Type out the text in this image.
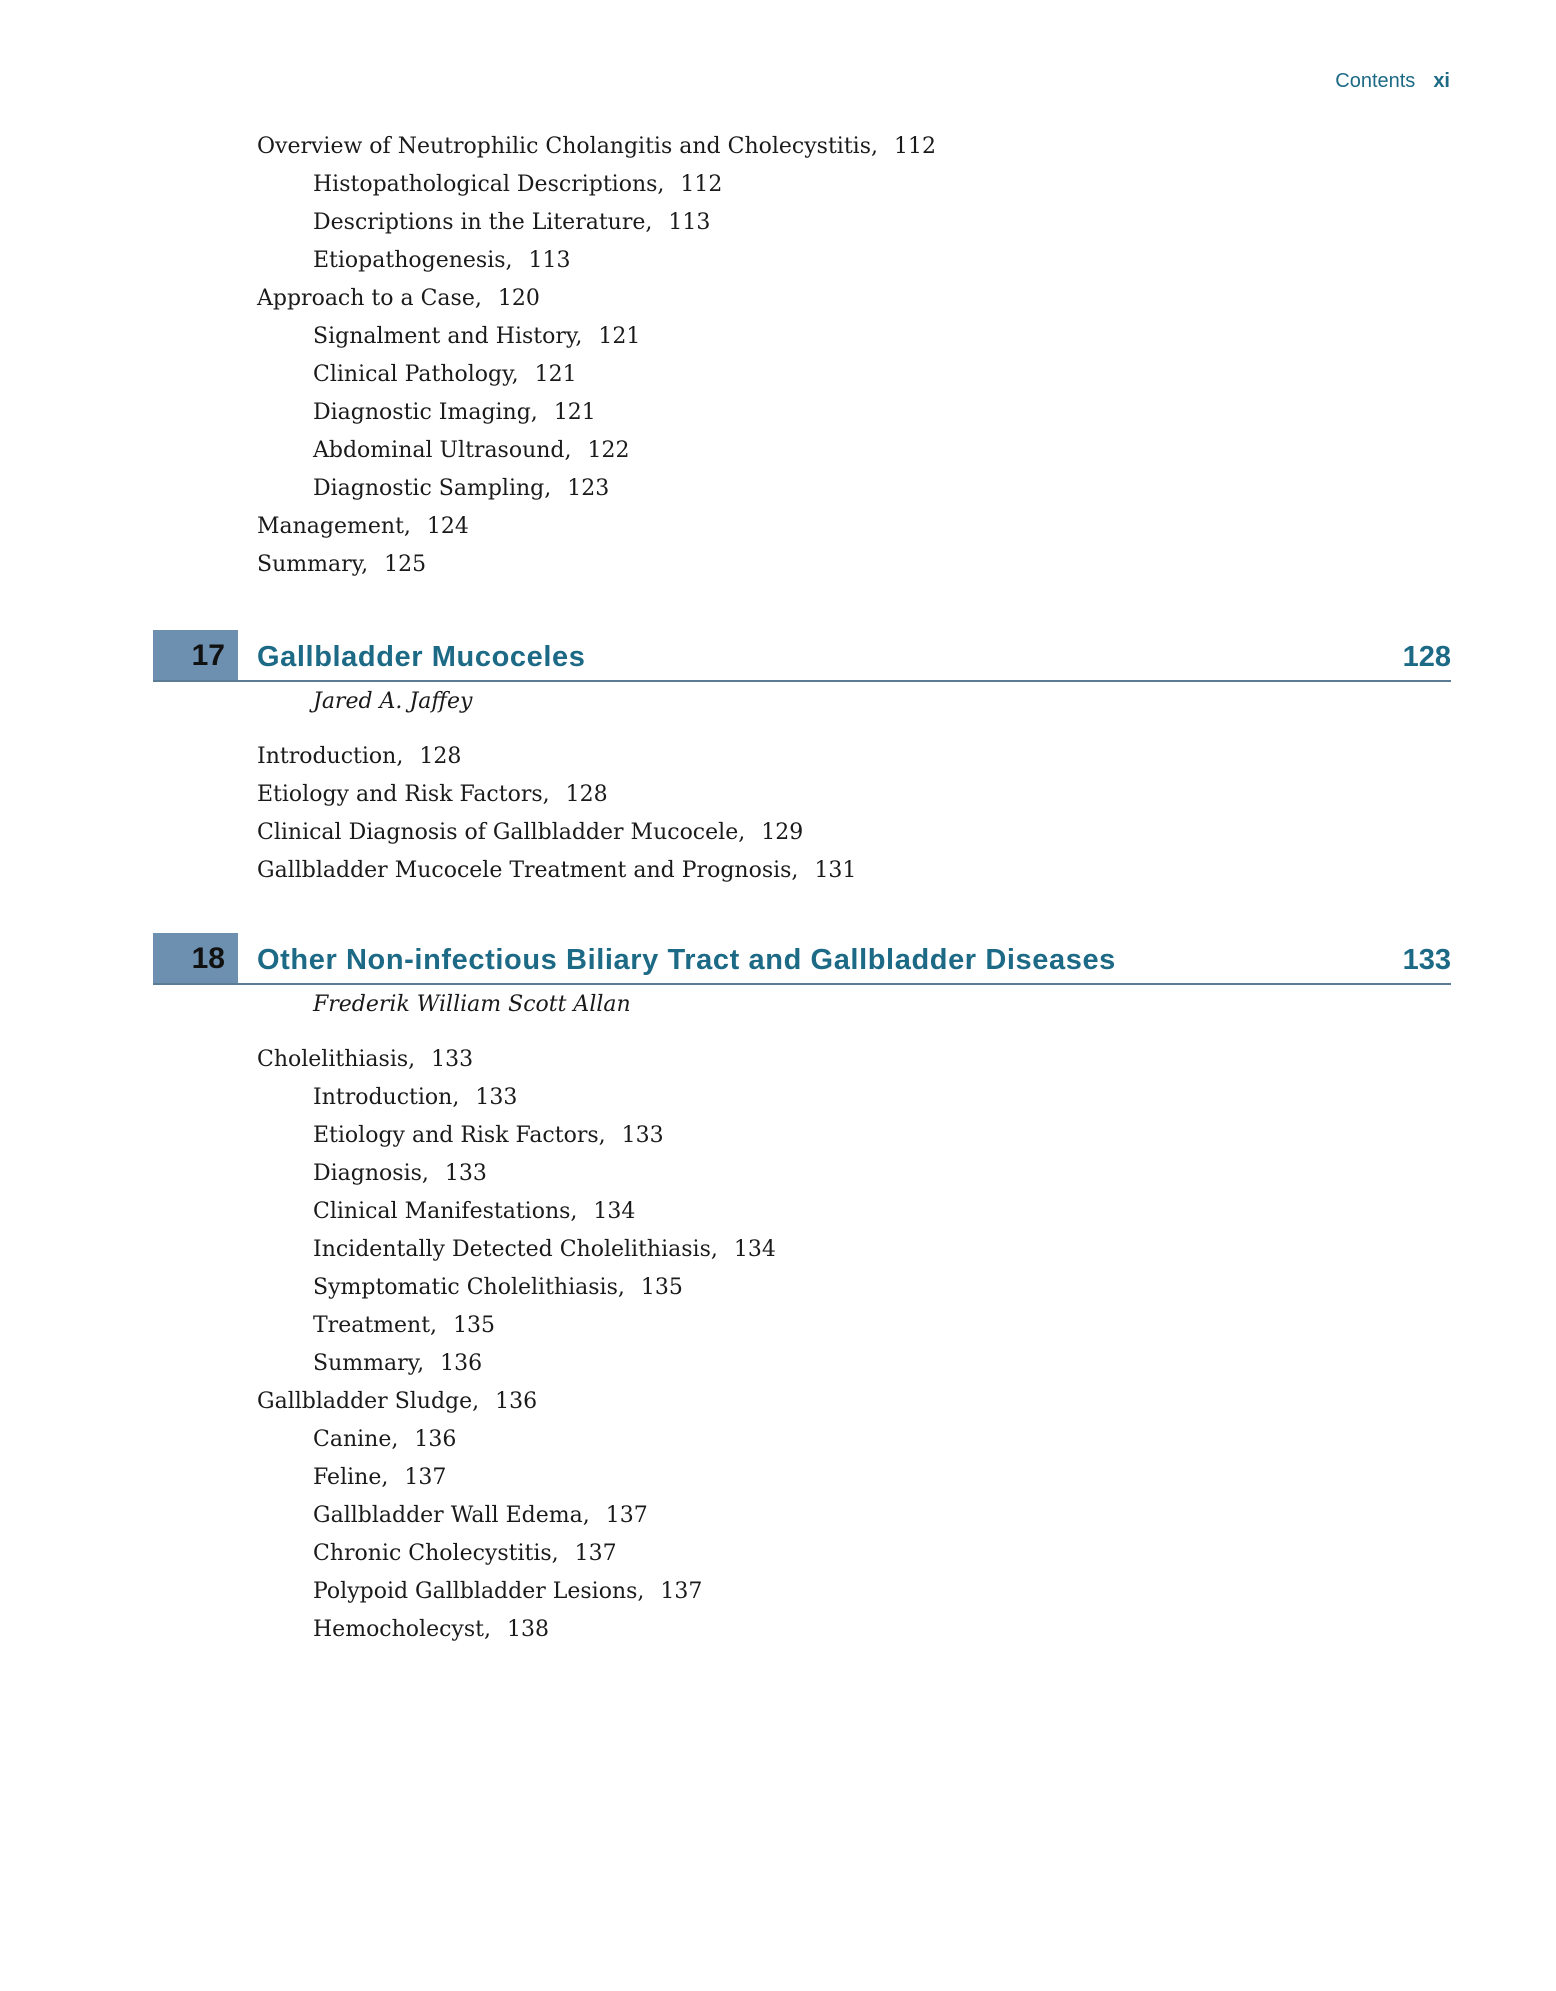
Contents xi
Overview of Neutrophilic Cholangitis and Cholecystitis, 112
Histopathological Descriptions, 112
Descriptions in the Literature, 113
Etiopathogenesis, 113
Approach to a Case, 120
Signalment and History, 121
Clinical Pathology, 121
Diagnostic Imaging, 121
Abdominal Ultrasound, 122
Diagnostic Sampling, 123
Management, 124
Summary, 125
17	Gallbladder Mucoceles	128
Jared A. Jaffey
Introduction, 128
Etiology and Risk Factors, 128
Clinical Diagnosis of Gallbladder Mucocele, 129
Gallbladder Mucocele Treatment and Prognosis, 131
18	Other Non-infectious Biliary Tract and Gallbladder Diseases	133
Frederik William Scott Allan
Cholelithiasis, 133
Introduction, 133
Etiology and Risk Factors, 133
Diagnosis, 133
Clinical Manifestations, 134
Incidentally Detected Cholelithiasis, 134
Symptomatic Cholelithiasis, 135
Treatment, 135
Summary, 136
Gallbladder Sludge, 136
Canine, 136
Feline, 137
Gallbladder Wall Edema, 137
Chronic Cholecystitis, 137
Polypoid Gallbladder Lesions, 137
Hemocholecyst, 138
